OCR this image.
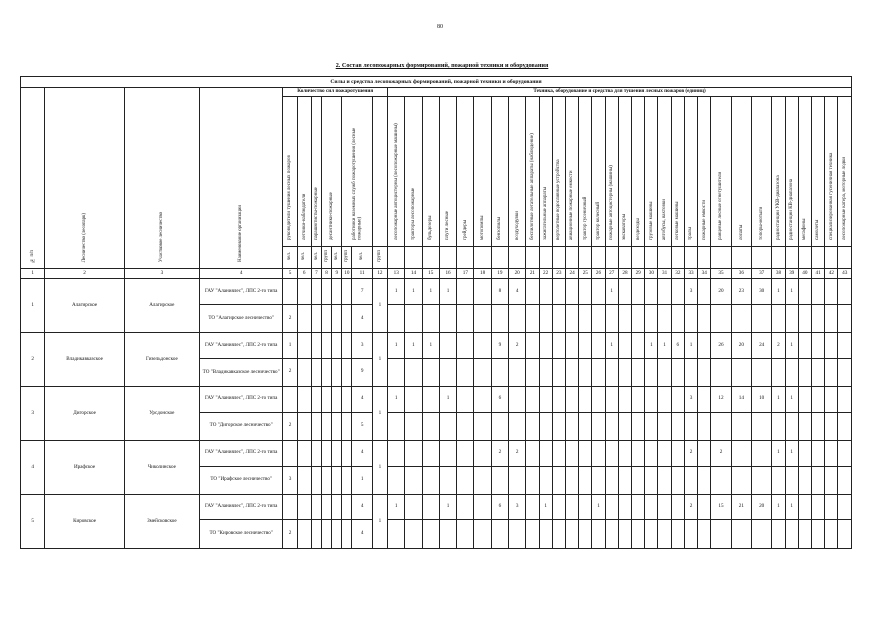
80
2. Состав лесопожарных формирований, пожарной техники и оборудования
Силы и средства лесопожарных формирований, пожарной техники и оборудования																																										
№ п/п	Лесничество (лесопарк)	Участковое лесничество	Наименование организации	Количество сил пожаротушения								Техника, оборудование и средства для тушения лесных пожаров (единиц)																														
				руководители тушения лесных пожаров	летчики-наблюдатели	парашютисты-пожарные	десантники-пожарные		работники наземных служб пожаротушения (лесные пожарные)			лесопожарные автоцистерны (лесопожарные машины)	тракторы лесопожарные	бульдозеры	плуги лесные	грейдеры	мотопомпы	бензопилы	воздуходувки	беспилотные летательные аппараты (наблюдение)	зажигательные аппараты	вертолетные водосливные устройства	авиационные пожарные емкости	трактор гусеничный	трактор колесный	пожарные автоцистерны (машины)	экскаваторы	вездеходы	грузовые машины	автобусы, вахтовки	легковые машины	тралы	пожарные емкости	ранцевые лесные огнетушители	лопаты	топоры-мотыги	радиостанции УКВ-диапазона	радиостанции КВ-диапазона	мегафоны	самолеты	специализированная гусеничная техника	лесопожарные катера, моторные лодки
				чел.	чел.	чел.	групп	чел.	групп	чел.	групп																															
1	2	3	4	5	6	7	8	9	10	11	12	13	14	15	16	17	18	19	20	21	22	23	24	25	26	27	28	29	30	31	32	33	34	35	36	37	38	39	40	41	42	43
1	Алагирское	Алагирское	ГАУ "Аланиялес", ЛПС 2-го типа							7	1	1	1	1	1			8	4							1						3		20	23	30	1	1				
			ТО "Алагирское лесничество"	2						4																																
2	Владикавказское	Гизельдонское	ГАУ "Аланиялес", ЛПС 2-го типа	1						3	1	1	1	1				9	2							1			1	1	6	1		26	20	24	2	1				
			ТО "Владикавказское лесничество"	2						9																																
3	Дигорское	Урсдонское	ГАУ "Аланиялес", ЛПС 2-го типа							4	1	1			1			6														3		12	14	10	1	1				
			ТО "Дигорское лесничество"	2						5																																
4	Ирафское	Чиколинское	ГАУ "Аланиялес", ЛПС 2-го типа							4	1							2	2													2		2			1	1				
			ТО "Ирафское лесничество"	3						1																																
5	Кировское	Змейсковское	ГАУ "Аланиялес", ЛПС 2-го типа							4	1	1			1			6	3		1				1							2		15	21	20	1	1				
			ТО "Кировское лесничество"	2						4																																
